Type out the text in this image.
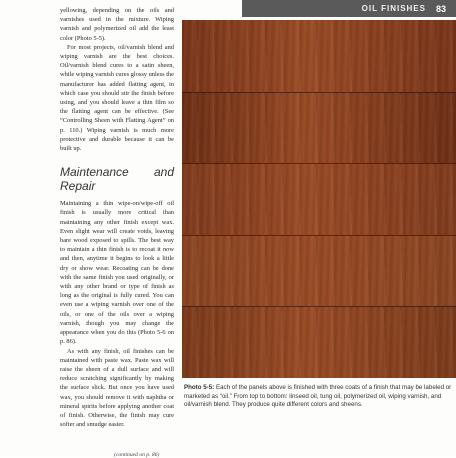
OIL FINISHES	83

yellowing, depending on the oils and varnishes used in the mixture. Wiping varnish and polymerized oil add the least color (Photo 5-5).

For most projects, oil/varnish blend and wiping varnish are the best choices. Oil/varnish blend cures to a satin sheen, while wiping varnish cures glossy unless the manufacturer has added flatting agent, in which case you should stir the finish before using, and you should leave a thin film so the flatting agent can be effective. (See “Controlling Sheen with Flatting Agent” on p. 110.) Wiping varnish is much more protective and durable because it can be built up.

Maintenance and Repair

Maintaining a thin wipe-on/wipe-off oil finish is usually more critical than maintaining any other finish except wax. Even slight wear will create voids, leaving bare wood exposed to spills. The best way to maintain a thin finish is to recoat it now and then, anytime it begins to look a little dry or show wear. Recoating can be done with the same finish you used originally, or with any other brand or type of finish as long as the original is fully cured. You can even use a wiping varnish over one of the oils, or one of the oils over a wiping varnish, though you may change the appearance when you do this (Photo 5-6 on p. 86).

As with any finish, oil finishes can be maintained with paste wax. Paste wax will raise the sheen of a dull surface and will reduce scratching significantly by making the surface slick. But once you have used wax, you should remove it with naphtha or mineral spirits before applying another coat of finish. Otherwise, the finish may cure softer and smudge easier.

(continued on p. 86)
Photo 5-5: Each of the panels above is finished with three coats of a finish that may be labeled or marketed as “oil.” From top to bottom: linseed oil, tung oil, polymerized oil, wiping varnish, and oil/varnish blend. They produce quite different colors and sheens.
